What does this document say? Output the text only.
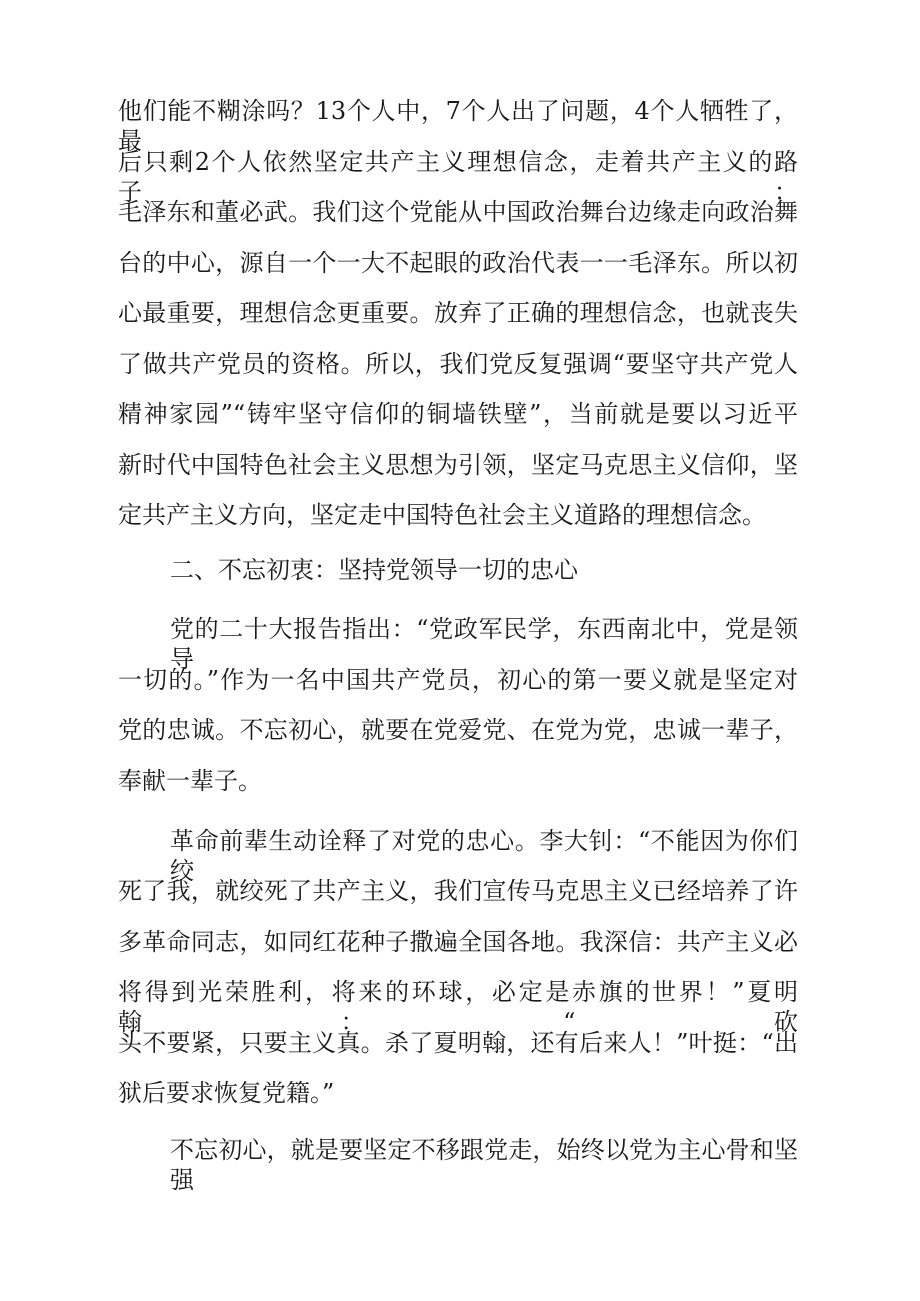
他们能不糊涂吗？13个人中，7个人出了问题，4个人牺牲了，最
后只剩2个人依然坚定共产主义理想信念，走着共产主义的路子：
毛泽东和董必武。我们这个党能从中国政治舞台边缘走向政治舞
台的中心，源自一个一大不起眼的政治代表一一毛泽东。所以初
心最重要，理想信念更重要。放弃了正确的理想信念，也就丧失
了做共产党员的资格。所以，我们党反复强调“要坚守共产党人
精神家园”“铸牢坚守信仰的铜墙铁壁”，当前就是要以习近平
新时代中国特色社会主义思想为引领，坚定马克思主义信仰，坚
定共产主义方向，坚定走中国特色社会主义道路的理想信念。
二、不忘初衷：坚持党领导一切的忠心
党的二十大报告指出：“党政军民学，东西南北中，党是领导
一切的。”作为一名中国共产党员，初心的第一要义就是坚定对
党的忠诚。不忘初心，就要在党爱党、在党为党，忠诚一辈子，
奉献一辈子。
革命前辈生动诠释了对党的忠心。李大钊：“不能因为你们绞
死了我，就绞死了共产主义，我们宣传马克思主义已经培养了许
多革命同志，如同红花种子撒遍全国各地。我深信：共产主义必
将得到光荣胜利，将来的环球，必定是赤旗的世界！”夏明翰：“砍
头不要紧，只要主义真。杀了夏明翰，还有后来人！”叶挺：“出
狱后要求恢复党籍。”
不忘初心，就是要坚定不移跟党走，始终以党为主心骨和坚强
